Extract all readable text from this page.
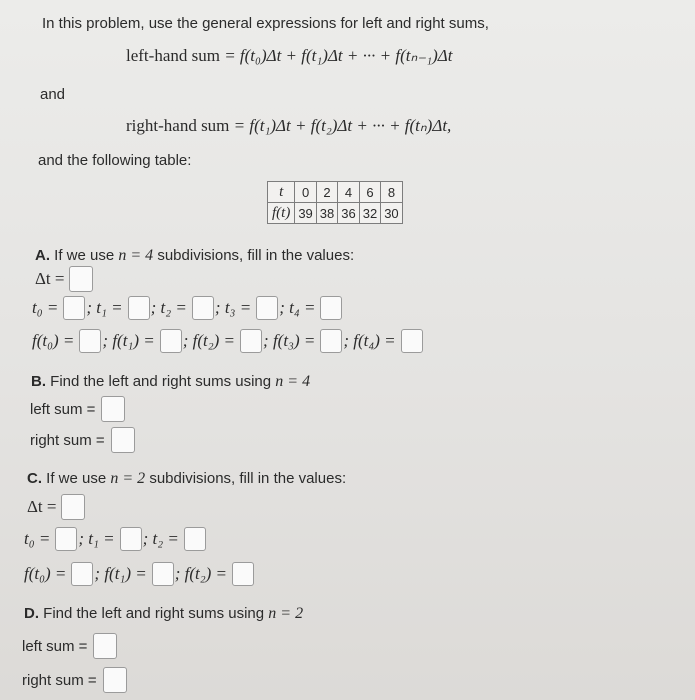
In this problem, use the general expressions for left and right sums,
left-hand sum = f(t₀)Δt + f(t₁)Δt + ··· + f(tₙ₋₁)Δt
and
right-hand sum = f(t₁)Δt + f(t₂)Δt + ··· + f(tₙ)Δt,
and the following table:
t	0	2	4	6	8
f(t)	39	38	36	32	30
A. If we use n = 4 subdivisions, fill in the values:
Δt =
t₀ = ; t₁ = ; t₂ = ; t₃ = ; t₄ =
f(t₀) = ; f(t₁) = ; f(t₂) = ; f(t₃) = ; f(t₄) =
B. Find the left and right sums using n = 4
left sum =
right sum =
C. If we use n = 2 subdivisions, fill in the values:
Δt =
t₀ = ; t₁ = ; t₂ =
f(t₀) = ; f(t₁) = ; f(t₂) =
D. Find the left and right sums using n = 2
left sum =
right sum =
